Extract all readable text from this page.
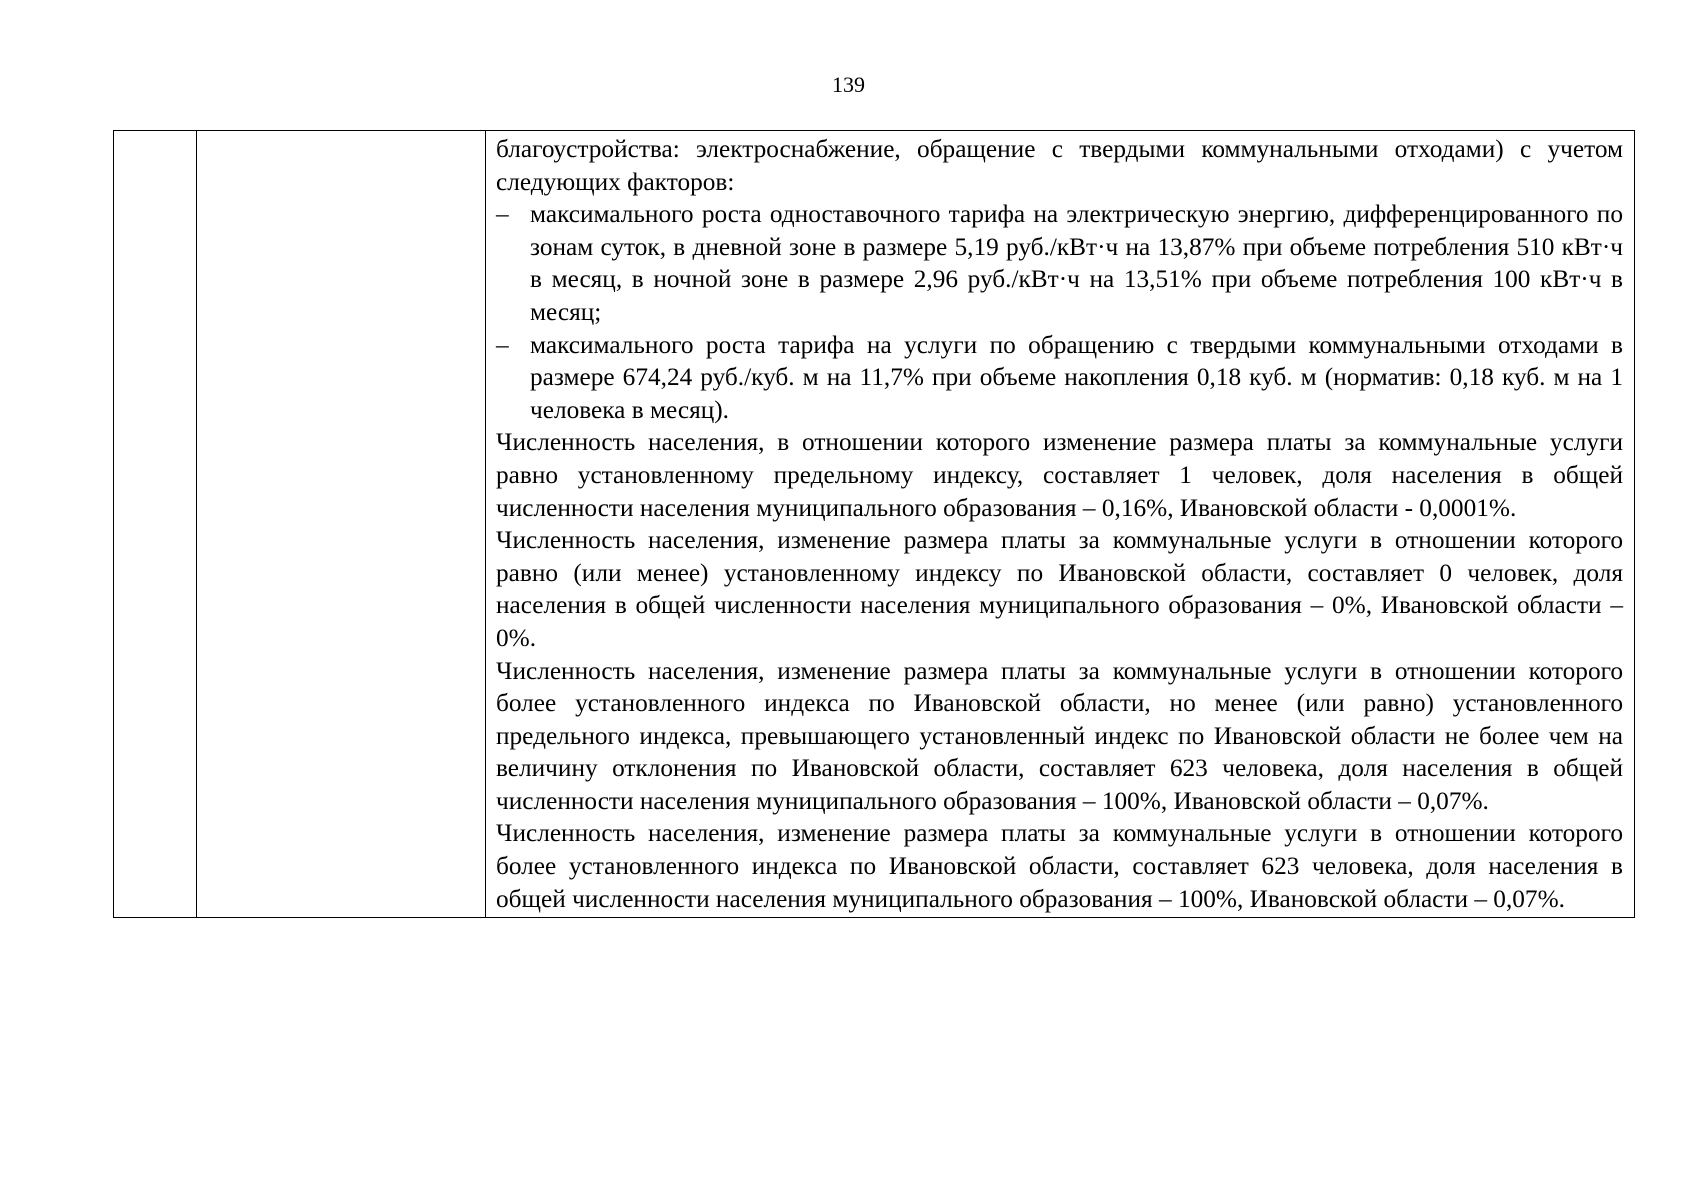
139

благоустройства: электроснабжение, обращение с твердыми коммунальными отходами) с учетом следующих факторов:

– максимального роста одноставочного тарифа на электрическую энергию, дифференцированного по зонам суток, в дневной зоне в размере 5,19 руб./кВт·ч на 13,87% при объеме потребления 510 кВт·ч в месяц, в ночной зоне в размере 2,96 руб./кВт·ч на 13,51% при объеме потребления 100 кВт·ч в месяц;
– максимального роста тарифа на услуги по обращению с твердыми коммунальными отходами в размере 674,24 руб./куб. м на 11,7% при объеме накопления 0,18 куб. м (норматив: 0,18 куб. м на 1 человека в месяц).

Численность населения, в отношении которого изменение размера платы за коммунальные услуги равно установленному предельному индексу, составляет 1 человек, доля населения в общей численности населения муниципального образования – 0,16%, Ивановской области - 0,0001%.

Численность населения, изменение размера платы за коммунальные услуги в отношении которого равно (или менее) установленному индексу по Ивановской области, составляет 0 человек, доля населения в общей численности населения муниципального образования – 0%, Ивановской области – 0%.

Численность населения, изменение размера платы за коммунальные услуги в отношении которого более установленного индекса по Ивановской области, но менее (или равно) установленного предельного индекса, превышающего установленный индекс по Ивановской области не более чем на величину отклонения по Ивановской области, составляет 623 человека, доля населения в общей численности населения муниципального образования – 100%, Ивановской области – 0,07%.

Численность населения, изменение размера платы за коммунальные услуги в отношении которого более установленного индекса по Ивановской области, составляет 623 человека, доля населения в общей численности населения муниципального образования – 100%, Ивановской области – 0,07%.
